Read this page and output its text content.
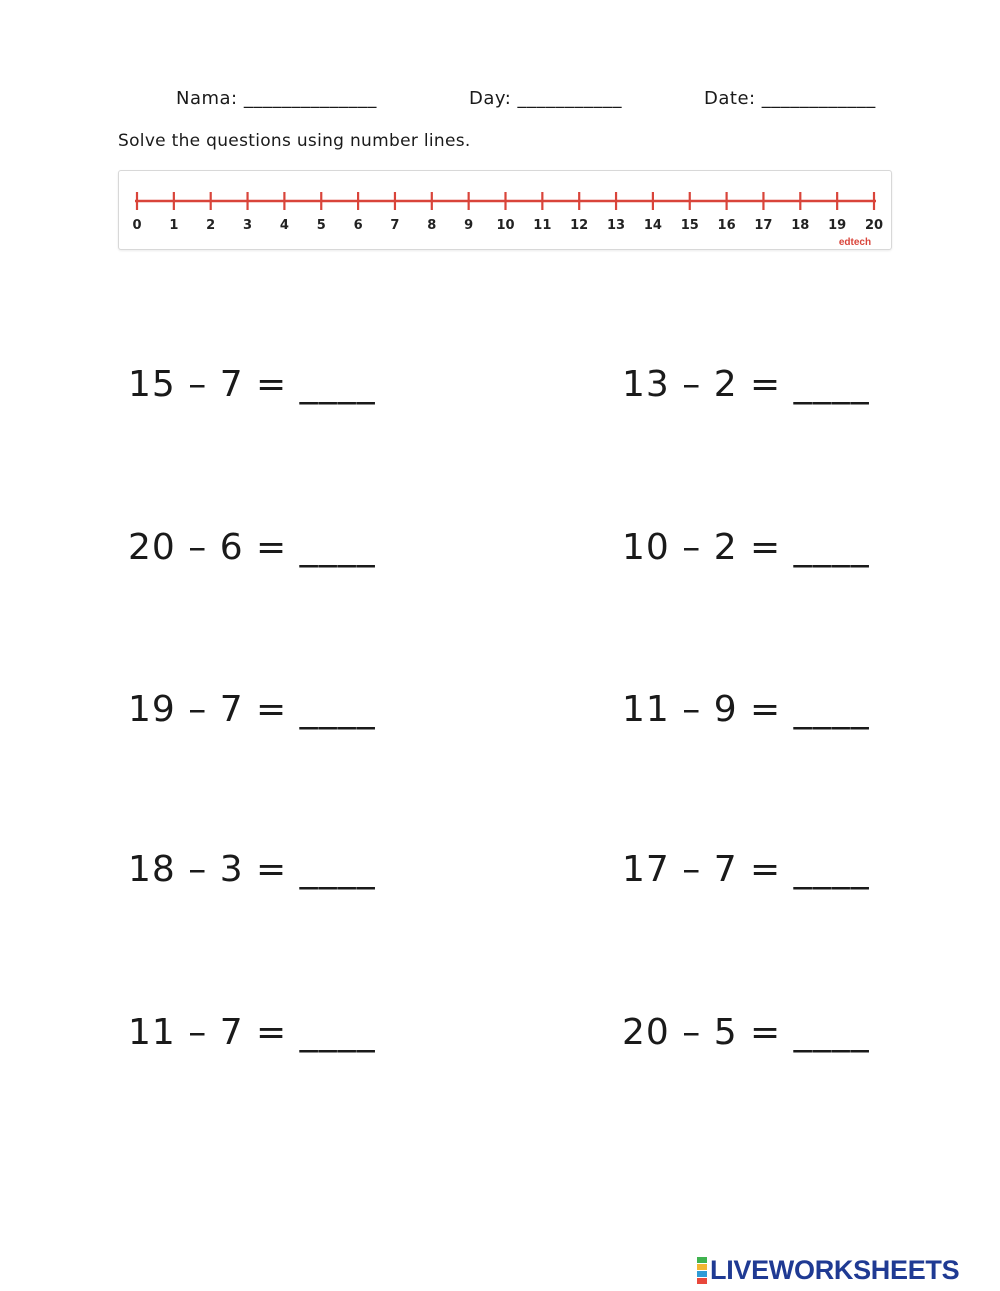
Nama: ______________	Day: ___________	Date: ____________
Solve the questions using number lines.
0 1 2 3 4 5 6 7 8 9 10 11 12 13 14 15 16 17 18 19 20
edtech
15 – 7 = ____
20 – 6 = ____
19 – 7 = ____
18 – 3 = ____
11 – 7 = ____
13 – 2 = ____
10 – 2 = ____
11 – 9 = ____
17 – 7 = ____
20 – 5 = ____
LIVEWORKSHEETS
